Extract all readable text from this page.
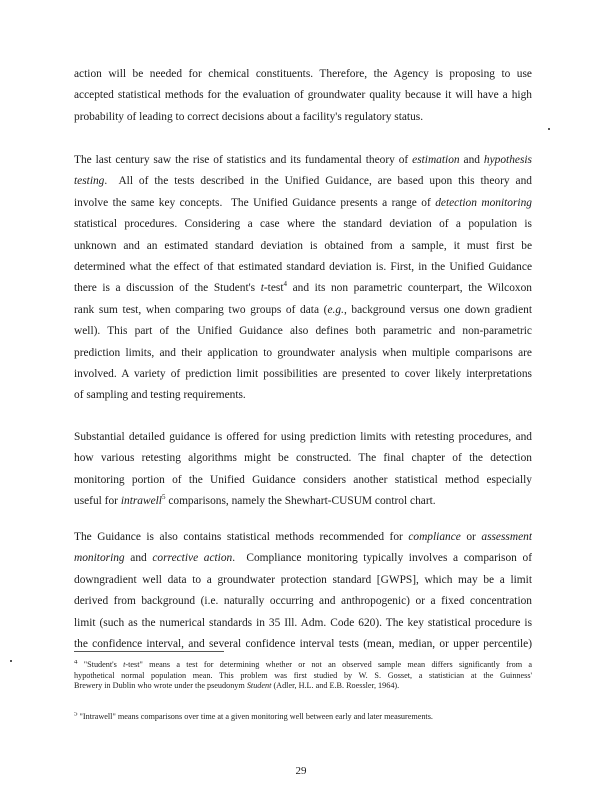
action will be needed for chemical constituents. Therefore, the Agency is proposing to use
accepted statistical methods for the evaluation of groundwater quality because it will have a high
probability of leading to correct decisions about a facility's regulatory status.
The last century saw the rise of statistics and its fundamental theory of estimation and hypothesis
testing.  All of the tests described in the Unified Guidance, are based upon this theory and
involve the same key concepts.  The Unified Guidance presents a range of detection monitoring
statistical procedures. Considering a case where the standard deviation of a population is
unknown and an estimated standard deviation is obtained from a sample, it must first be
determined what the effect of that estimated standard deviation is. First, in the Unified Guidance
there is a discussion of the Student's t-test$^4$ and its non parametric counterpart, the Wilcoxon
rank sum test, when comparing two groups of data (e.g., background versus one down gradient
well). This part of the Unified Guidance also defines both parametric and non-parametric
prediction limits, and their application to groundwater analysis when multiple comparisons are
involved. A variety of prediction limit possibilities are presented to cover likely interpretations
of sampling and testing requirements.
Substantial detailed guidance is offered for using prediction limits with retesting procedures, and
how various retesting algorithms might be constructed. The final chapter of the detection
monitoring portion of the Unified Guidance considers another statistical method especially
useful for intrawell$^5$ comparisons, namely the Shewhart-CUSUM control chart.
The Guidance is also contains statistical methods recommended for compliance or assessment
monitoring and corrective action.  Compliance monitoring typically involves a comparison of
downgradient well data to a groundwater protection standard [GWPS], which may be a limit
derived from background (i.e. naturally occurring and anthropogenic) or a fixed concentration
limit (such as the numerical standards in 35 Ill. Adm. Code 620). The key statistical procedure is
the confidence interval, and several confidence interval tests (mean, median, or upper percentile)
$^4$ "Student's t-test" means a test for determining whether or not an observed sample mean differs significantly from a
hypothetical normal population mean. This problem was first studied by W. S. Gosset, a statistician at the Guinness'
Brewery in Dublin who wrote under the pseudonym Student (Adler, H.L. and E.B. Roessler, 1964).
$^5$ "Intrawell" means comparisons over time at a given monitoring well between early and later measurements.
29
